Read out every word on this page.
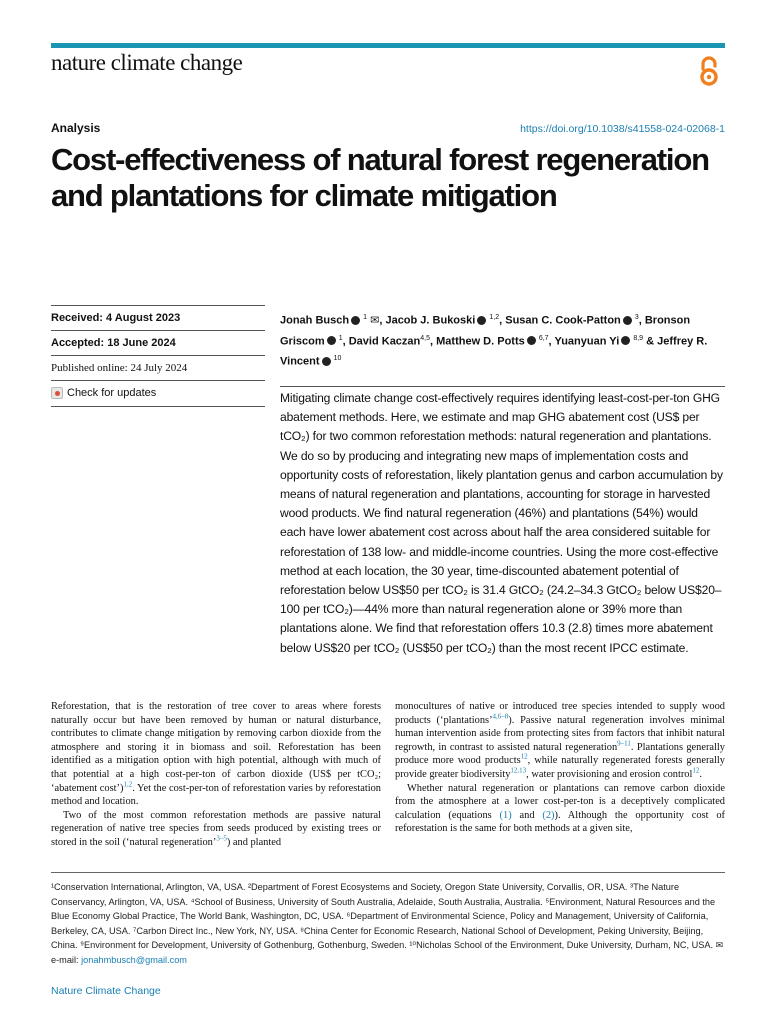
nature climate change
Analysis	https://doi.org/10.1038/s41558-024-02068-1
Cost-effectiveness of natural forest regeneration and plantations for climate mitigation
Received: 4 August 2023
Accepted: 18 June 2024
Published online: 24 July 2024
Check for updates
Jonah Busch $^1$ ✉, Jacob J. Bukoski $^{1,2}$, Susan C. Cook-Patton $^3$, Bronson Griscom $^1$, David Kaczan$^{4,5}$, Matthew D. Potts $^{6,7}$, Yuanyuan Yi $^{8,9}$ & Jeffrey R. Vincent $^{10}$
Mitigating climate change cost-effectively requires identifying least-cost-per-ton GHG abatement methods. Here, we estimate and map GHG abatement cost (US$ per tCO₂) for two common reforestation methods: natural regeneration and plantations. We do so by producing and integrating new maps of implementation costs and opportunity costs of reforestation, likely plantation genus and carbon accumulation by means of natural regeneration and plantations, accounting for storage in harvested wood products. We find natural regeneration (46%) and plantations (54%) would each have lower abatement cost across about half the area considered suitable for reforestation of 138 low- and middle-income countries. Using the more cost-effective method at each location, the 30 year, time-discounted abatement potential of reforestation below US$50 per tCO₂ is 31.4 GtCO₂ (24.2–34.3 GtCO₂ below US$20–100 per tCO₂)—44% more than natural regeneration alone or 39% more than plantations alone. We find that reforestation offers 10.3 (2.8) times more abatement below US$20 per tCO₂ (US$50 per tCO₂) than the most recent IPCC estimate.

Reforestation, that is the restoration of tree cover to areas where forests naturally occur but have been removed by human or natural disturbance, contributes to climate change mitigation by removing carbon dioxide from the atmosphere and storing it in biomass and soil. Reforestation has been identified as a mitigation option with high potential, although with much of that potential at a high cost-per-ton of carbon dioxide (US$ per tCO₂; ‘abatement cost’)$^{1,2}$. Yet the cost-per-ton of reforestation varies by reforestation method and location.

Two of the most common reforestation methods are passive natural regeneration of native tree species from seeds produced by existing trees or stored in the soil (‘natural regeneration’$^{3-5}$) and planted

monocultures of native or introduced tree species intended to supply wood products (‘plantations’$^{4,6-8}$). Passive natural regeneration involves minimal human intervention aside from protecting sites from factors that inhibit natural regrowth, in contrast to assisted natural regeneration$^{9-11}$. Plantations generally produce more wood products$^{12}$, while naturally regenerated forests generally provide greater biodiversity$^{12,13}$, water provisioning and erosion control$^{12}$.

Whether natural regeneration or plantations can remove carbon dioxide from the atmosphere at a lower cost-per-ton is a deceptively complicated calculation (equations (1) and (2)). Although the opportunity cost of reforestation is the same for both methods at a given site,

¹Conservation International, Arlington, VA, USA. ²Department of Forest Ecosystems and Society, Oregon State University, Corvallis, OR, USA. ³The Nature Conservancy, Arlington, VA, USA. ⁴School of Business, University of South Australia, Adelaide, South Australia, Australia. ⁵Environment, Natural Resources and the Blue Economy Global Practice, The World Bank, Washington, DC, USA. ⁶Department of Environmental Science, Policy and Management, University of California, Berkeley, CA, USA. ⁷Carbon Direct Inc., New York, NY, USA. ⁸China Center for Economic Research, National School of Development, Peking University, Beijing, China. ⁹Environment for Development, University of Gothenburg, Gothenburg, Sweden. ¹⁰Nicholas School of the Environment, Duke University, Durham, NC, USA. ✉e-mail: jonahmbusch@gmail.com
Nature Climate Change
